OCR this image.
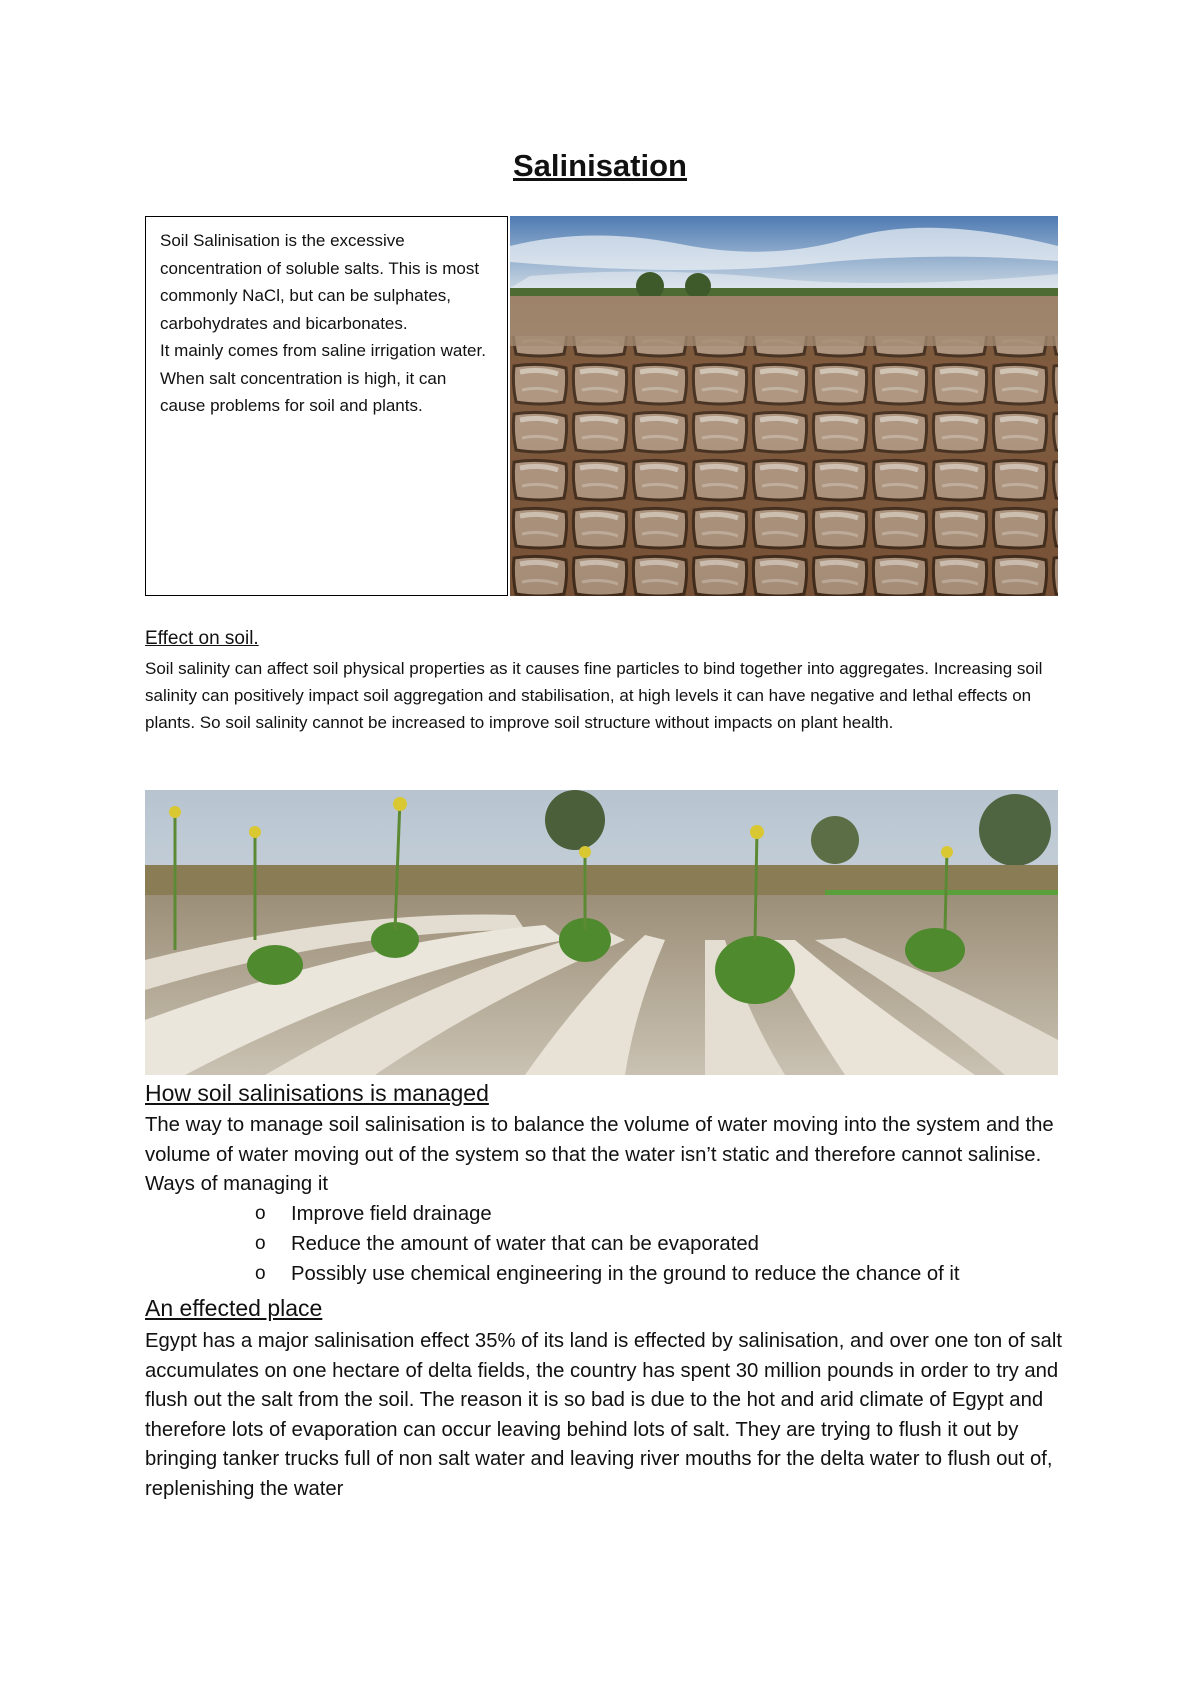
Salinisation

Soil Salinisation is the excessive concentration of soluble salts. This is most commonly NaCl, but can be sulphates, carbohydrates and bicarbonates.

It mainly comes from saline irrigation water. When salt concentration is high, it can cause problems for soil and plants.

Effect on soil.

Soil salinity can affect soil physical properties as it causes fine particles to bind together into aggregates. Increasing soil salinity can positively impact soil aggregation and stabilisation, at high levels it can have negative and lethal effects on plants. So soil salinity cannot be increased to improve soil structure without impacts on plant health.

How soil salinisations is managed

The way to manage soil salinisation is to balance the volume of water moving into the system and the volume of water moving out of the system so that the water isn’t static and therefore cannot salinise. Ways of managing it

o Improve field drainage
o Reduce the amount of water that can be evaporated
o Possibly use chemical engineering in the ground to reduce the chance of it
An effected place

Egypt has a major salinisation effect 35% of its land is effected by salinisation, and over one ton of salt accumulates on one hectare of delta fields, the country has spent 30 million pounds in order to try and flush out the salt from the soil. The reason it is so bad is due to the hot and arid climate of Egypt and therefore lots of evaporation can occur leaving behind lots of salt. They are trying to flush it out by bringing tanker trucks full of non salt water and leaving river mouths for the delta water to flush out of, replenishing the water
